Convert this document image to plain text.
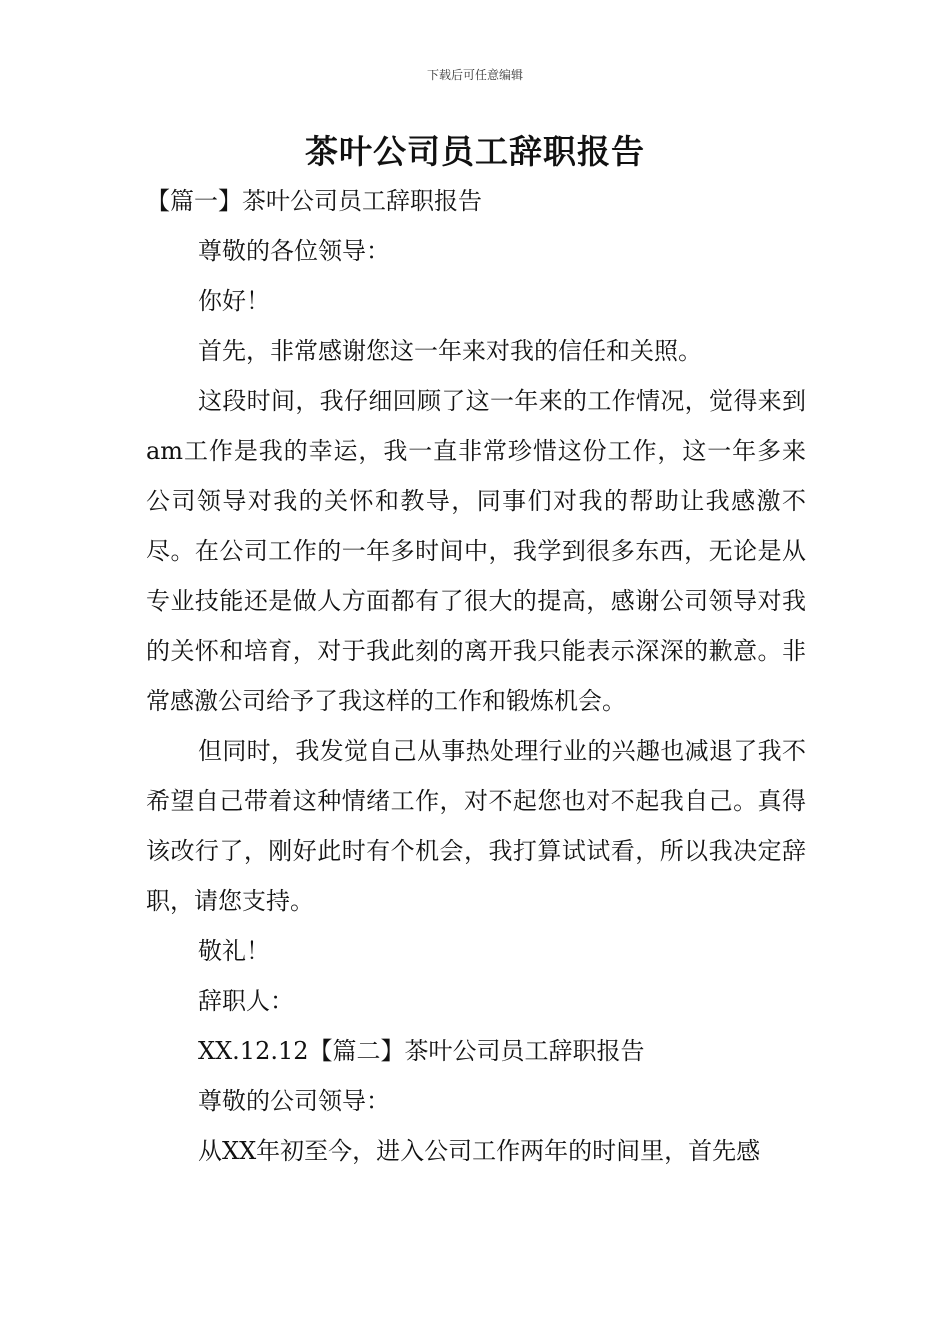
下载后可任意编辑
茶叶公司员工辞职报告

【篇一】茶叶公司员工辞职报告

尊敬的各位领导：

你好！

首先，非常感谢您这一年来对我的信任和关照。

这段时间，我仔细回顾了这一年来的工作情况，觉得来到am工作是我的幸运，我一直非常珍惜这份工作，这一年多来公司领导对我的关怀和教导，同事们对我的帮助让我感激不尽。在公司工作的一年多时间中，我学到很多东西，无论是从专业技能还是做人方面都有了很大的提高，感谢公司领导对我的关怀和培育，对于我此刻的离开我只能表示深深的歉意。非常感激公司给予了我这样的工作和锻炼机会。

但同时，我发觉自己从事热处理行业的兴趣也减退了我不希望自己带着这种情绪工作，对不起您也对不起我自己。真得该改行了，刚好此时有个机会，我打算试试看，所以我决定辞职，请您支持。

敬礼！

辞职人：

XX.12.12【篇二】茶叶公司员工辞职报告

尊敬的公司领导：

从XX年初至今，进入公司工作两年的时间里，首先感
